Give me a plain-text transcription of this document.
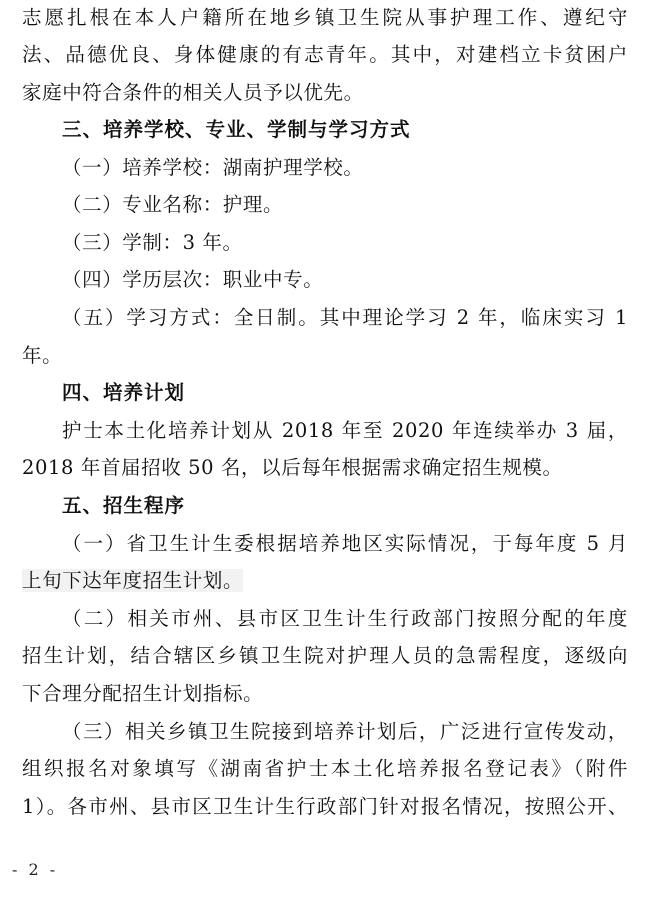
志愿扎根在本人户籍所在地乡镇卫生院从事护理工作、遵纪守
法、品德优良、身体健康的有志青年。其中，对建档立卡贫困户
家庭中符合条件的相关人员予以优先。
三、培养学校、专业、学制与学习方式
（一）培养学校：湖南护理学校。
（二）专业名称：护理。
（三）学制：3 年。
（四）学历层次：职业中专。
（五）学习方式：全日制。其中理论学习 2 年，临床实习 1
年。
四、培养计划
护士本土化培养计划从 2018 年至 2020 年连续举办 3 届，
2018 年首届招收 50 名，以后每年根据需求确定招生规模。
五、招生程序
（一）省卫生计生委根据培养地区实际情况，于每年度 5 月
上旬下达年度招生计划。
（二）相关市州、县市区卫生计生行政部门按照分配的年度
招生计划，结合辖区乡镇卫生院对护理人员的急需程度，逐级向
下合理分配招生计划指标。
（三）相关乡镇卫生院接到培养计划后，广泛进行宣传发动，
组织报名对象填写《湖南省护士本土化培养报名登记表》（附件
1）。各市州、县市区卫生计生行政部门针对报名情况，按照公开、
- 2 -
